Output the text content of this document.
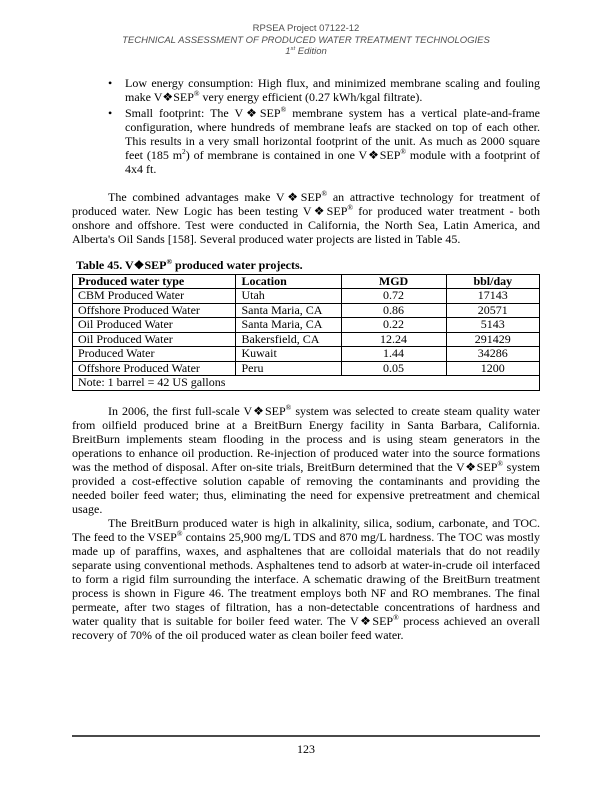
RPSEA Project 07122-12
TECHNICAL ASSESSMENT OF PRODUCED WATER TREATMENT TECHNOLOGIES
1st Edition
• Low energy consumption: High flux, and minimized membrane scaling and fouling make V❖SEP® very energy efficient (0.27 kWh/kgal filtrate).
• Small footprint: The V❖SEP® membrane system has a vertical plate-and-frame configuration, where hundreds of membrane leafs are stacked on top of each other. This results in a very small horizontal footprint of the unit. As much as 2000 square feet (185 $m^2$) of membrane is contained in one V❖SEP® module with a footprint of 4x4 ft.

The combined advantages make V❖SEP® an attractive technology for treatment of produced water. New Logic has been testing V❖SEP® for produced water treatment - both onshore and offshore. Test were conducted in California, the North Sea, Latin America, and Alberta's Oil Sands [158]. Several produced water projects are listed in Table 45.

Table 45. V❖SEP® produced water projects.
Produced water type	Location	MGD	bbl/day
CBM Produced Water	Utah	0.72	17143
Offshore Produced Water	Santa Maria, CA	0.86	20571
Oil Produced Water	Santa Maria, CA	0.22	5143
Oil Produced Water	Bakersfield, CA	12.24	291429
Produced Water	Kuwait	1.44	34286
Offshore Produced Water	Peru	0.05	1200
Note: 1 barrel = 42 US gallons			

In 2006, the first full-scale V❖SEP® system was selected to create steam quality water from oilfield produced brine at a BreitBurn Energy facility in Santa Barbara, California. BreitBurn implements steam flooding in the process and is using steam generators in the operations to enhance oil production. Re-injection of produced water into the source formations was the method of disposal. After on-site trials, BreitBurn determined that the V❖SEP® system provided a cost-effective solution capable of removing the contaminants and providing the needed boiler feed water; thus, eliminating the need for expensive pretreatment and chemical usage.

The BreitBurn produced water is high in alkalinity, silica, sodium, carbonate, and TOC. The feed to the VSEP® contains 25,900 mg/L TDS and 870 mg/L hardness. The TOC was mostly made up of paraffins, waxes, and asphaltenes that are colloidal materials that do not readily separate using conventional methods. Asphaltenes tend to adsorb at water-in-crude oil interfaced to form a rigid film surrounding the interface. A schematic drawing of the BreitBurn treatment process is shown in Figure 46. The treatment employs both NF and RO membranes. The final permeate, after two stages of filtration, has a non-detectable concentrations of hardness and water quality that is suitable for boiler feed water. The V❖SEP® process achieved an overall recovery of 70% of the oil produced water as clean boiler feed water.

123
